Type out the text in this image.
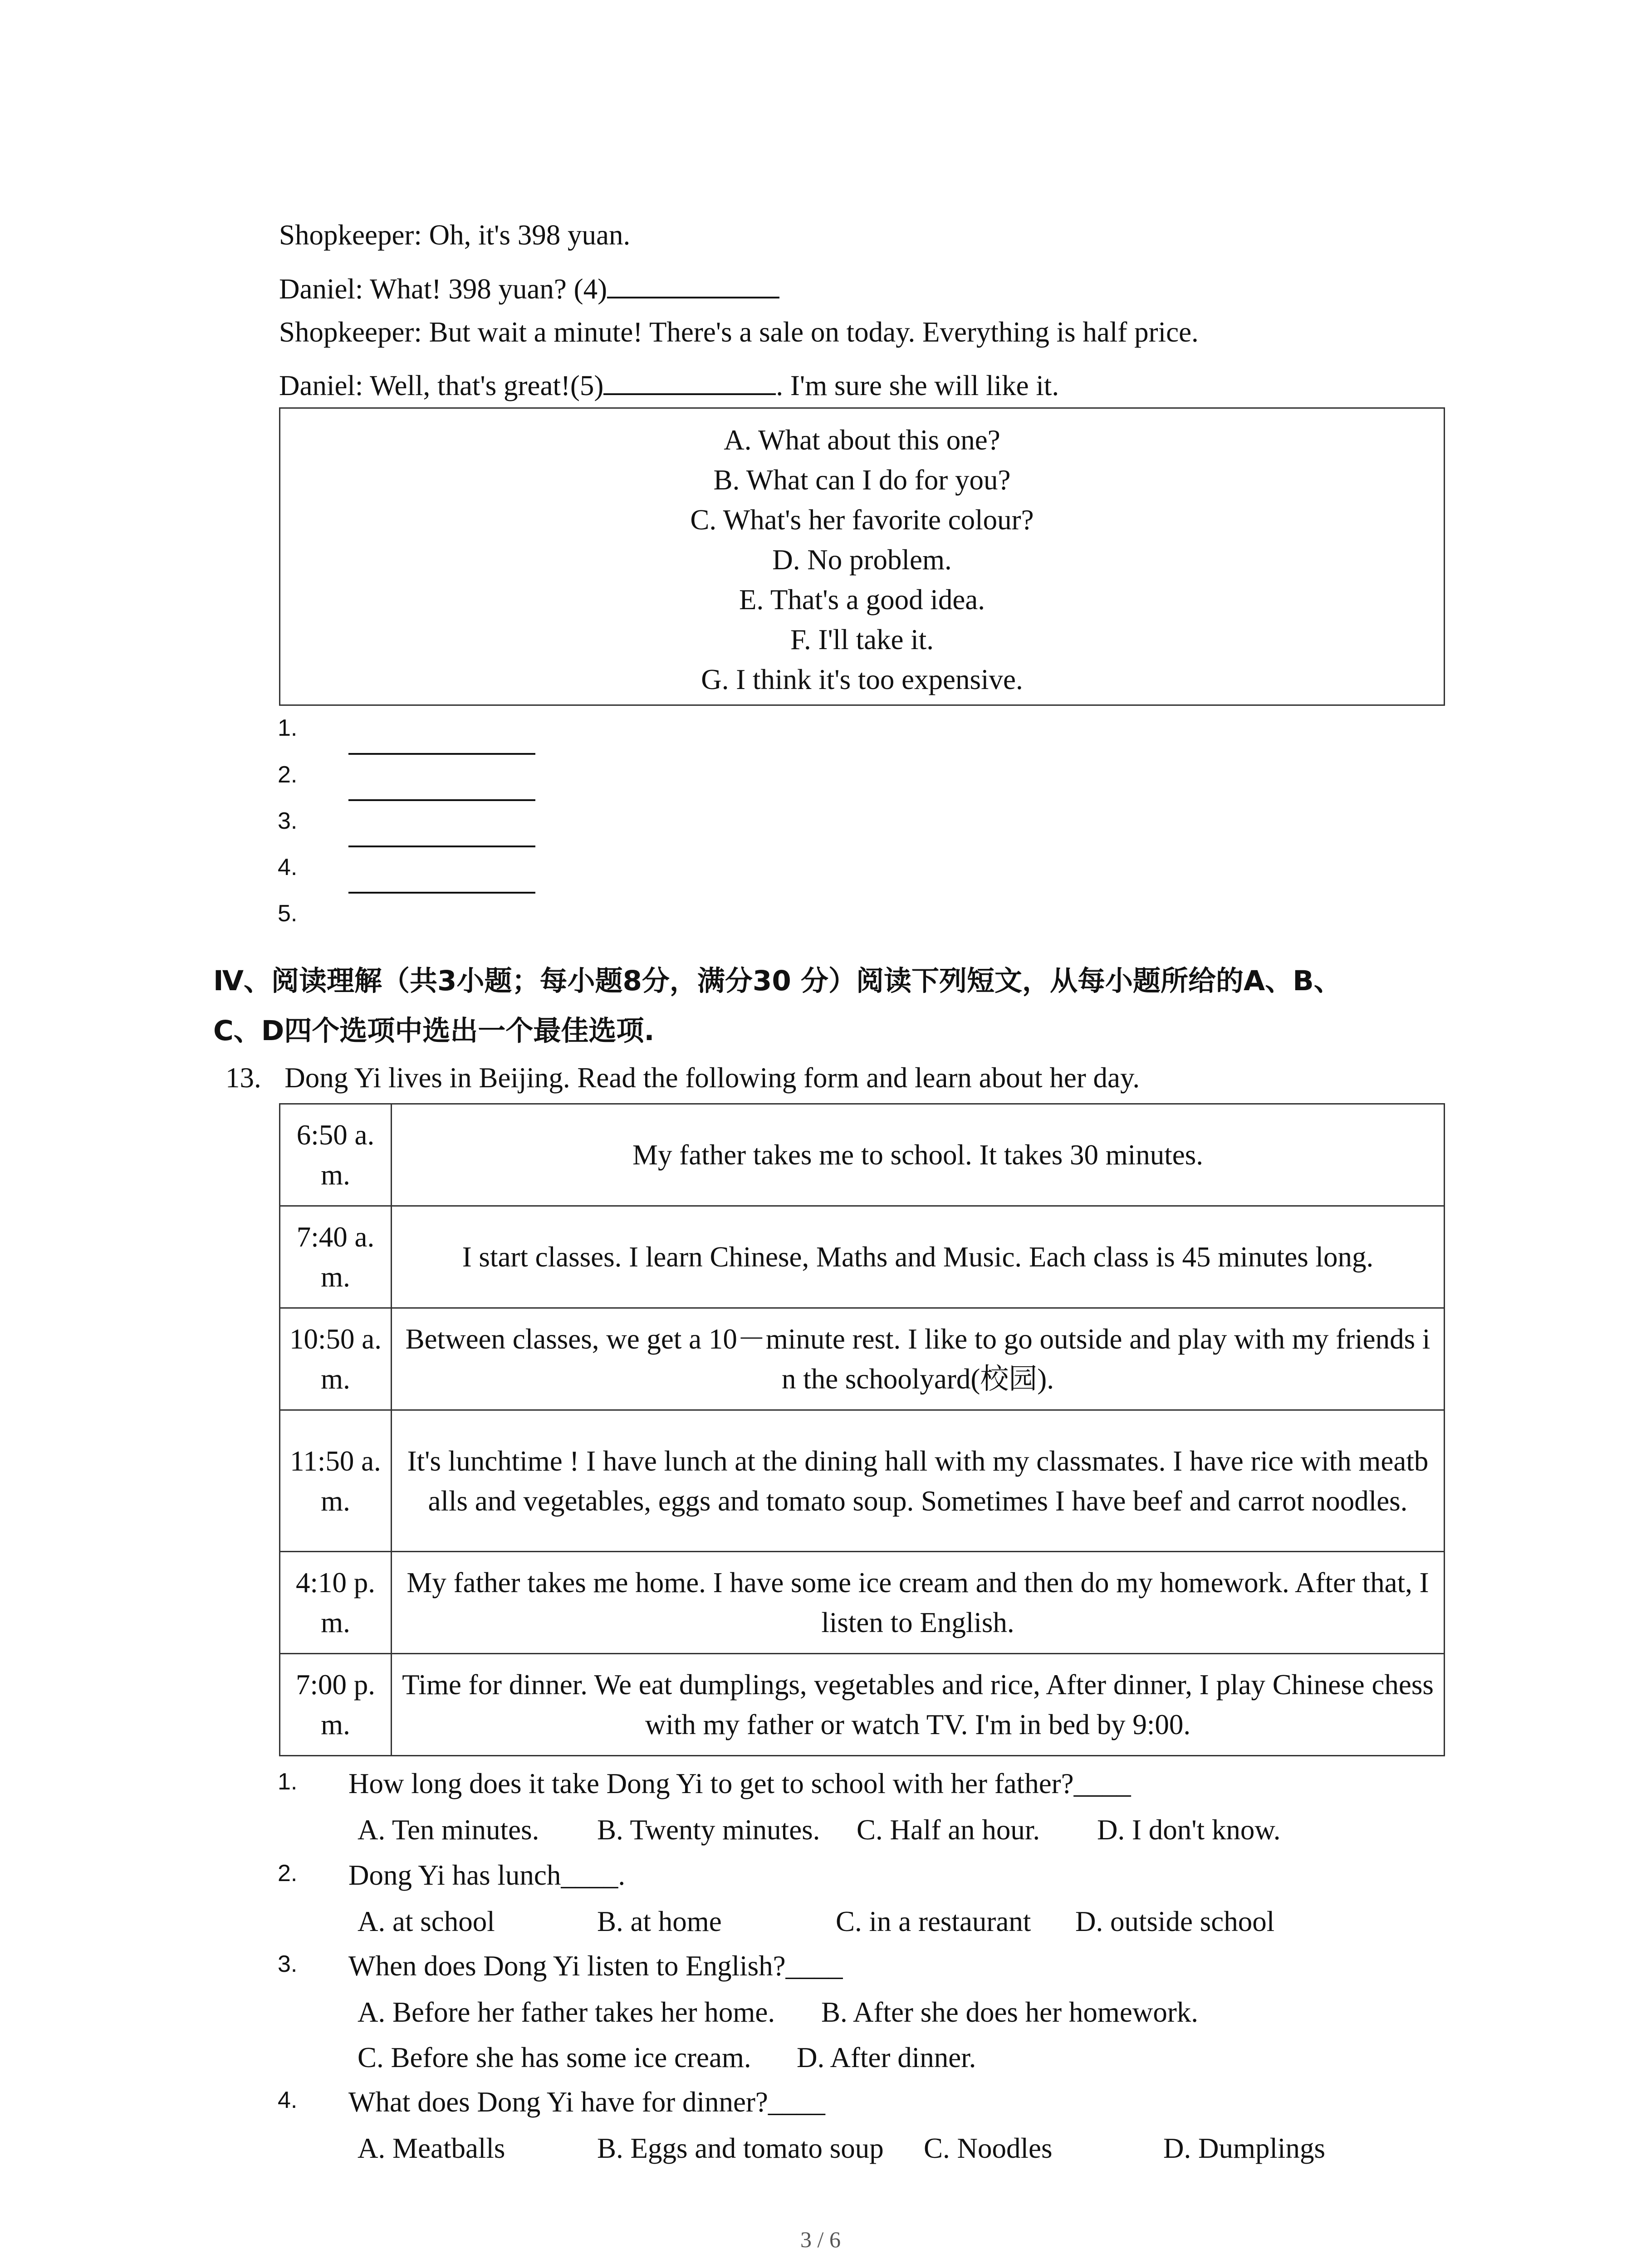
Shopkeeper: Oh, it's 398 yuan.
Daniel: What! 398 yuan? (4)
Shopkeeper: But wait a minute! There's a sale on today. Everything is half price.
Daniel: Well, that's great!(5)	. I'm sure she will like it.
A. What about this one?
B. What can I do for you?
C. What's her favorite colour?
D. No problem.
E. That's a good idea.
F. I'll take it.
G. I think it's too expensive.
1.
2.
3.
4.
5.
Ⅳ、阅读理解（共3小题；每小题8分，满分30 分）阅读下列短文，从每小题所给的A、B、
C、D四个选项中选出一个最佳选项.
13. Dong Yi lives in Beijing. Read the following form and learn about her day.
6:50 a. m.	My father takes me to school. It takes 30 minutes.
7:40 a. m.	I start classes. I learn Chinese, Maths and Music. Each class is 45 minutes long.
10:50 a. m.	Between classes, we get a 10－minute rest. I like to go outside and play with my friends in the schoolyard(校园).
11:50 a. m.	It's lunchtime ! I have lunch at the dining hall with my classmates. I have rice with meatballs and vegetables, eggs and tomato soup. Sometimes I have beef and carrot noodles.
4:10 p. m.	My father takes me home. I have some ice cream and then do my homework. After that, I listen to English.
7:00 p. m.	Time for dinner. We eat dumplings, vegetables and rice, After dinner, I play Chinese chess with my father or watch TV. I'm in bed by 9:00.
1. How long does it take Dong Yi to get to school with her father?____
A. Ten minutes. B. Twenty minutes. C. Half an hour. D. I don't know.
2. Dong Yi has lunch____.
A. at school	B. at home	C. in a restaurant D. outside school
3. When does Dong Yi listen to English?____
A. Before her father takes her home. B. After she does her homework.
C. Before she has some ice cream. D. After dinner.
4. What does Dong Yi have for dinner?____
A. Meatballs	B. Eggs and tomato soup C. Noodles	D. Dumplings
3 / 6
